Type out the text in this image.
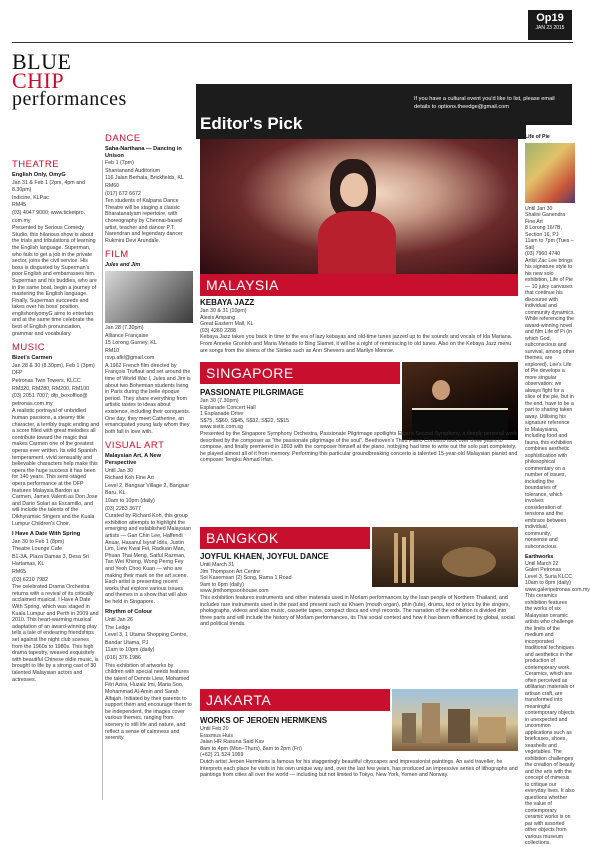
Op19
JAN 23 2015
BLUE
CHIP
performances	If you have a cultural event you'd like to list, please email details to options.theedge@gmail.com
Editor's Pick
THEATRE

English Only, OmyG

Jan 31 & Feb 1 (2pm, 4pm and

8.30pm)

Indicine, KLPac

RM45

(03) 4047 9000; www.ticketpro.

com.my

Presented by Serious Comedy Studio, this hilarious show is about the trials and tribulations of learning the English language. Superman, who fails to get a job in the private sector, joins the civil service. His boss is disgusted by Superman's poor English and embarrasses him. Superman and his buddies, who are in the same boat, begin a journey of mastering the English language. Finally, Superman succeeds and takes over his boss' position. englishonlyomyG aims to entertain and at the same time celebrate the best of English pronunciation, grammar and vocabulary.

MUSIC

Bizet's Carmen

Jan 28 & 30 (8.30pm), Feb 1 (3pm)

DFP

Petronas Twin Towers, KLCC

RM320, RM280, RM200, RM100

(03) 2051 7007; dfp_boxoffice@

petronas.com.my

A realistic portrayal of unbridled human passions, a steamy title character, a terribly tragic ending and a score filled with great melodies all contribute toward the magic that makes Carmen one of the greatest operas ever written. Its wild Spanish temperament, vivid sensuality and believable characters help make this opera the huge success it has been for 140 years. This semi-staged opera performance at the DFP features Malaysia Bardon as Carmen, James Valenti as Don Jose and Dario Solari as Escamillo, and will include the talents of the Dikhyramsic Singers and the Kuala Lumpur Children's Choir.

I Have A Date With Spring

Jan 30 to Feb 1 (8pm)

Theatre Lounge Cafe

B1-3A, Plaza Damas 3, Desa Sri

Hartamas, KL

RM65

(03) 6210 7982

The celebrated Drama Orchestra returns with a revival of its critically acclaimed musical. I Have A Date With Spring, which was staged in Kuala Lumpur and Perth in 2009 and 2010. This heart-warming musical adaptation of an award-winning play tells a tale of endearing friendships set against the night club scenes from the 1960s to 1980s. This high drama tapestry, weaved exquisitely with beautiful Chinese oldie music, is brought to life by a strong cast of 30 talented Malaysian actors and actresses.

DANCE

Saha-Narthana — Dancing in Unison

Feb 1 (7pm)

Shantanand Auditorium

116 Jalan Berhala, Brickfields, KL

RM60

(017) 672 6672

Ten students of Kalpana Dance Theatre will be staging a classic Bharatanatyam repertoire, with choreography by Chennai-based artist, teacher and dancer P.T. Narendran and legendary dancer Rukmini Devi Arundale.

FILM

Jules and Jim

Jan 28 (7.30pm)

Alliance Française

15 Lorong Gurney, KL

RM10

rsvp.afkl@gmail.com

A 1962 French film directed by François Truffaut and set around the time of World War I, Jules and Jim is about two Bohemian students living in Paris during the belle époque period. They share everything from artistic tastes to ideas about existence, including their conquests. One day, they meet Catherine, an emancipated young lady whom they both fall in love with.

VISUAL ART

Malaysian Art, A New Perspective

Until Jan 30

Richard Koh Fine Art

Level 2, Bangsar Village 2, Bangsar

Baru, KL

10am to 10pm (daily)

(03) 2283 3677

Curated by Richard Koh, this group exhibition attempts to highlight the emerging and established Malaysian artists — Gan Chin Lee, Haffendi Anuar, Hasanul Isyraf Idris, Justin Lim, Liew Kwai Fei, Radiuan Man, Phuan Thai Meng, Saiful Razman, Tan Wei Kheng, Wong Perng Fey and Yeoh Choo Kuan — who are making their mark on the art scene. Each artist is presenting recent works that explore various issues and themes in a show that will also be held in Singapore.

Rhythm of Colour

Until Jan 26

The Ledge

Level 3, 1 Utama Shopping Centre,

Bandar Utama, PJ

11am to 10pm (daily)

(016) 376 1986

This exhibition of artworks by children with special needs features the talent of Dennis Liew, Mohamed Fitri Azira, Huzaiz Imi, Maria Soo, Mohammad Al-Amin and Sarah Alfajah. Initiated by their parents to support them and encourage them to be independent, the images cover various themes, ranging from scenery to still life and nature, and reflect a sense of calmness and serenity.

MALAYSIA
KEBAYA JAZZ

Jan 30 & 31 (10pm)

Alexis Ampang

Great Eastern Mall, KL

(03) 4260 2288

Kebaya Jazz takes you back in time to the era of lazy kebayas and old-time tunes jazzed up to the sounds and vocals of Ida Mariana. From Anneke Gronloh and Maria Menado to Bing Slamet, it will be a night of reminiscing to old tunes. Also on the Kebaya Jazz menu are songs from the sirens of the Sixties such as Ann Sheverrs and Marilyn Monroe.

SINGAPORE
PASSIONATE PILGRIMAGE

Jan 30 (7.30pm)

Esplanade Concert Hall

1 Esplanade Drive

S$75, S$60, S$45, S$32, S$22, S$15

www.sistic.com.sg

Presented by the Singapore Symphony Orchestra, Passionate Pilgrimage spotlights Elgar's Second Symphony, a deeply personal work described by the composer as "the passionate pilgrimage of the soul". Beethoven's Third Piano Concerto took over three years to compose, and finally premiered in 1803 with the composer himself at the piano, notbyjing had time to write out the solo part completely, he played almost all of it from memory. Performing this particular groundbreaking concerto is talented 15-year-old Malaysian pianist and composer Tengku Ahmad Irfan.

BANGKOK
JOYFUL KHAEN, JOYFUL DANCE

Until March 31

Jim Thompson Art Centre

Soi Kasemsan (2) Song, Rama 1 Road

9am to 6pm (daily)

www.jimthompsonhouse.com

This exhibition features instruments and other materials used in Morlam performances by the Isan people of Northern Thailand, and includes rare instruments used in the past and present such as Khaen (mouth organ), phin (lute), drums, text or lyrics by the singers, photographs, videos and also music, cassette tapes, compact discs and vinyl records. The narration of the exhibition is divided into three parts and will include the history of Morlam performances, its Thai social context and how it has been influenced by global, social and political trends.

JAKARTA
WORKS OF JEROEN HERMKENS

Until Feb 20

Erasmus Huis

Jalan HR Rasuna Said Kav

8am to 4pm (Mon–Thurs), 8am to 2pm (Fri)

(+62) 21 524 1069

Dutch artist Jeroen Hermkens is famous for his staggeringly beautiful cityscapes and impressionist paintings. An avid traveller, he interprets each place he visits in his own unique way and, over the last few years, has produced an impressive series of lithographs and paintings from cities all over the world — including but not limited to Tokyo, New York, Yemen and Norway.

Life of Pie

Until Jan 30

Shalini Ganendra Fine Art

8 Lorong 16/7B, Section 16, PJ

11am to 7pm (Tues – Sat)

(03) 7960 4740

Artist Zac Lee brings his signature style to his new solo exhibition, Life of Pie — 10 juicy canvases that continue his discourse with individual and community dynamics. While referencing the award-winning novel and film Life of Pi (in which God, subconscious and survival, among other themes, are explored), Lee's Life of Pie develops a more singular observation: we always fight for a slice of the pie, but in the end, have to be a part to sharing taken away. Utilising his signature reference to Malaysiana, including food and fauna, this exhibition combines aesthetic sophistication with philosophical commentary on a number of issues, including the boundaries of tolerance, which involves consideration of tensions and the embrace between individual, community, nonsense and subconscious.

Earthworks

Until March 22

Galeri Petronas

Level 3, Suria KLCC

10am to 8pm (daily)

www.galeripetronas.com.my

This ceramics exhibition features the works of six Malaysian ceramic artists who challenge the limits of the medium and incorporated traditional techniques and aesthetics in the production of contemporary work. Ceramics, which are often perceived as utilitarian materials or artisan craft, are transformed into meaningful contemporary objects in unexpected and uncommon applications such as briefcases, shoes, seashells and vegetables. The exhibition challenges the creation of beauty and the arts with the concept of mimesis to critique our everyday lives. It also questions whether the value of contemporary ceramic works is on par with assorted other objects from various museum collections.
